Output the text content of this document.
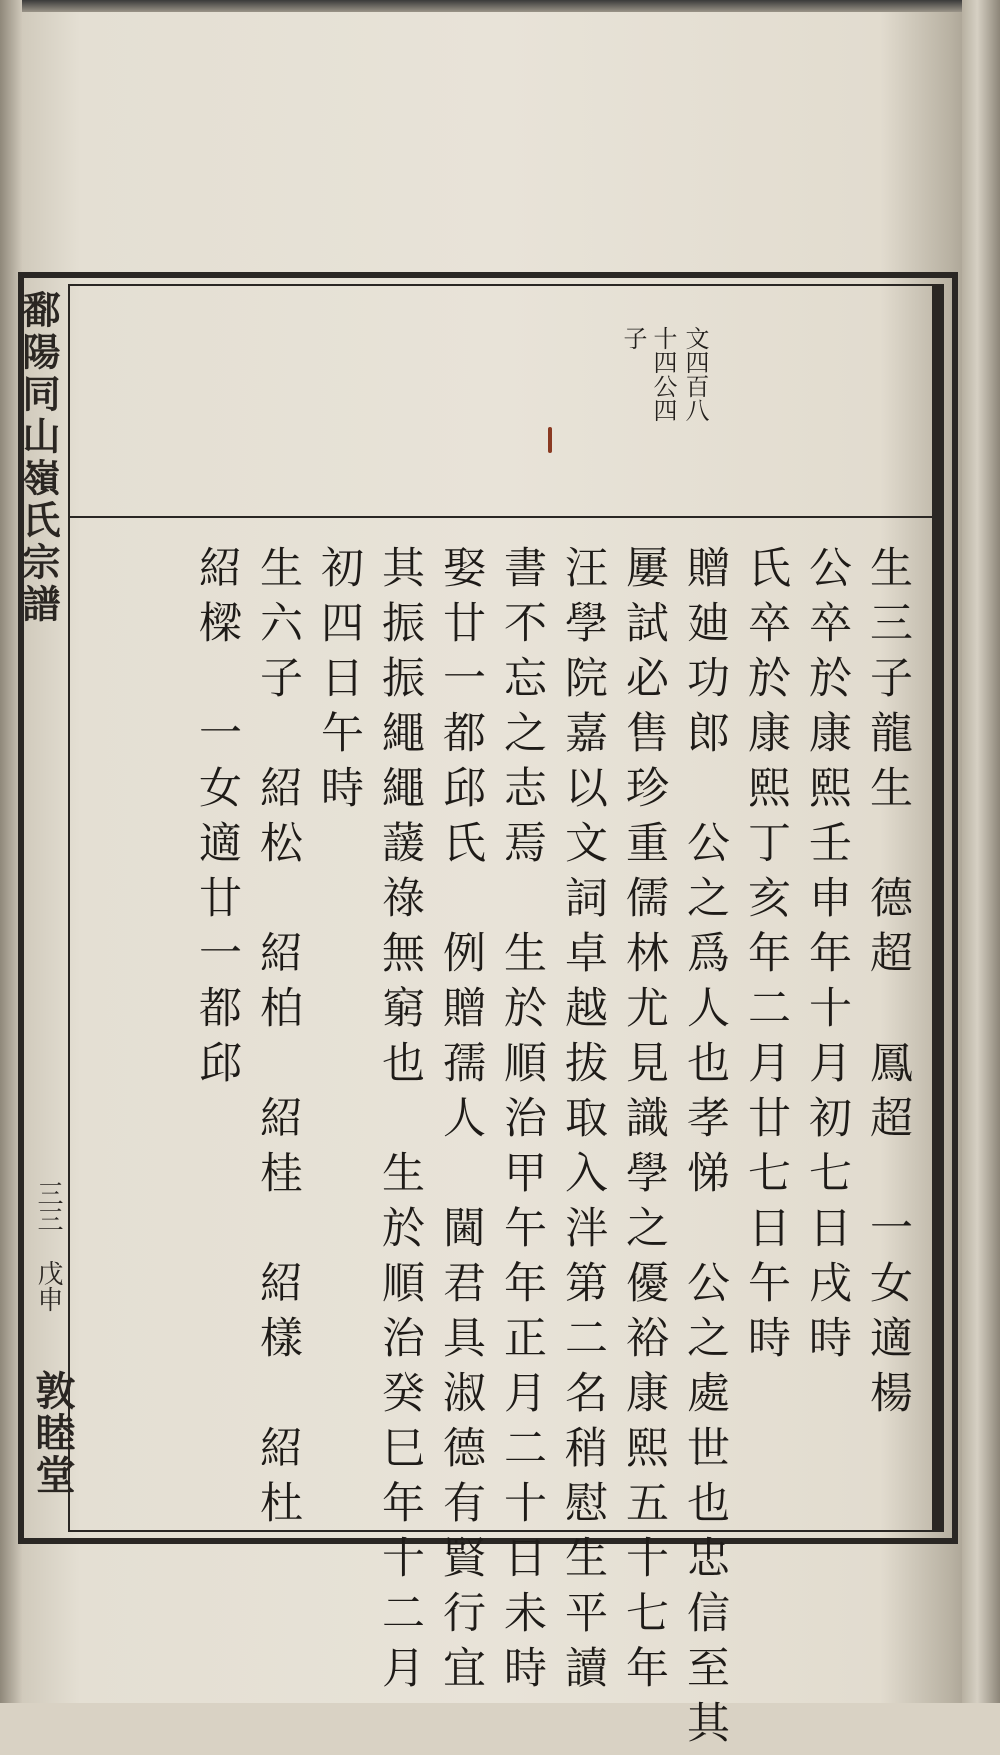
鄱陽同山嶺氏宗譜
三三
戊申
敦睦堂
文四百八
十四公四
子
生三子龍生　德超　鳳超　一女適楊
公卒於康熙壬申年十月初七日戌時
氏卒於康熙丁亥年二月廿七日午時
贈廸功郎　公之爲人也孝悌　公之處世也忠信至其
屢試必售珍重儒林尤見識學之優裕康熙五十七年
汪學院嘉以文詞卓越拔取入泮第二名稍慰生平讀
書不忘之志焉　生於順治甲午年正月二十日未時
娶廿一都邱氏　例贈孺人　閫君具淑德有賢行宜
其振振繩繩蘐祿無窮也　生於順治癸巳年十二月
初四日午時
生六子　紹松　紹柏　紹桂　紹樣　紹杜
紹樑　一女適廿一都邱
